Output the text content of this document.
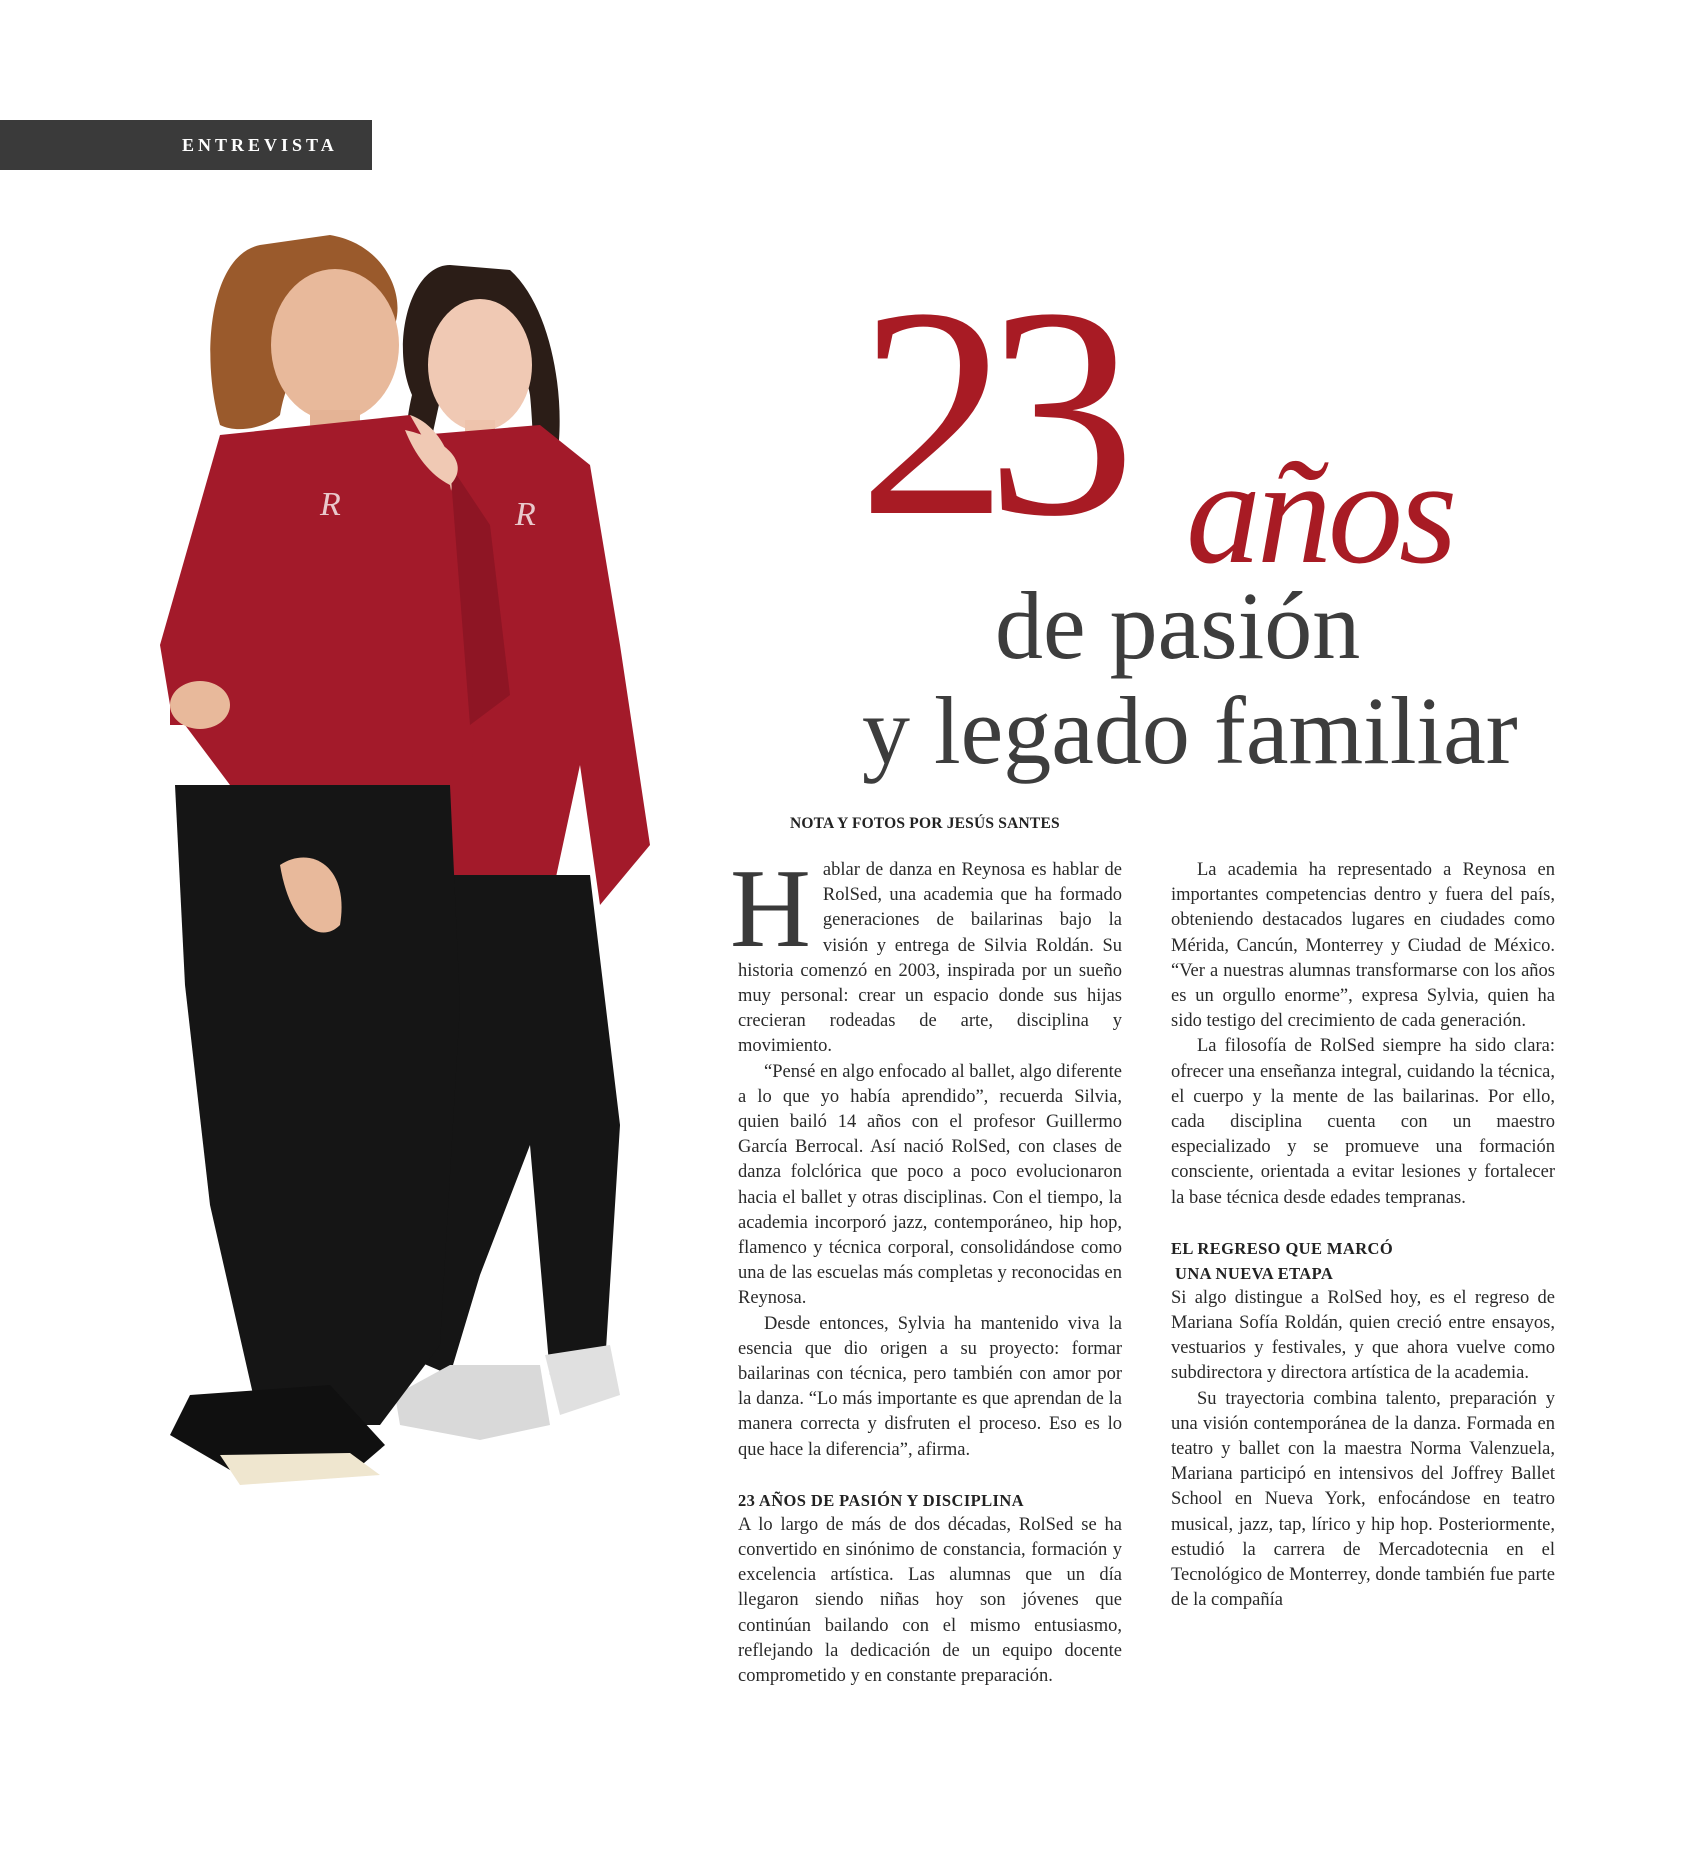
ENTREVISTA
R
R 23 años
de pasión
y legado familiar
NOTA Y FOTOS POR JESÚS SANTES

Hablar de danza en Reynosa es hablar de RolSed, una academia que ha formado generaciones de bailarinas bajo la visión y entrega de Silvia Roldán. Su historia comenzó en 2003, inspirada por un sueño muy personal: crear un espacio donde sus hijas crecieran rodeadas de arte, disciplina y movimiento.

“Pensé en algo enfocado al ballet, algo diferente a lo que yo había aprendido”, recuerda Silvia, quien bailó 14 años con el profesor Guillermo García Berrocal. Así nació RolSed, con clases de danza folclórica que poco a poco evolucionaron hacia el ballet y otras disciplinas. Con el tiempo, la academia incorporó jazz, contemporáneo, hip hop, flamenco y técnica corporal, consolidándose como una de las escuelas más completas y reconocidas en Reynosa.

Desde entonces, Sylvia ha mantenido viva la esencia que dio origen a su proyecto: formar bailarinas con técnica, pero también con amor por la danza. “Lo más importante es que aprendan de la manera correcta y disfruten el proceso. Eso es lo que hace la diferencia”, afirma.

23 AÑOS DE PASIÓN Y DISCIPLINA

A lo largo de más de dos décadas, RolSed se ha convertido en sinónimo de constancia, formación y excelencia artística. Las alumnas que un día llegaron siendo niñas hoy son jóvenes que continúan bailando con el mismo entusiasmo, reflejando la dedicación de un equipo docente comprometido y en constante preparación.

La academia ha representado a Reynosa en importantes competencias dentro y fuera del país, obteniendo destacados lugares en ciudades como Mérida, Cancún, Monterrey y Ciudad de México. “Ver a nuestras alumnas transformarse con los años es un orgullo enorme”, expresa Sylvia, quien ha sido testigo del crecimiento de cada generación.

La filosofía de RolSed siempre ha sido clara: ofrecer una enseñanza integral, cuidando la técnica, el cuerpo y la mente de las bailarinas. Por ello, cada disciplina cuenta con un maestro especializado y se promueve una formación consciente, orientada a evitar lesiones y fortalecer la base técnica desde edades tempranas.

EL REGRESO QUE MARCÓ

UNA NUEVA ETAPA

Si algo distingue a RolSed hoy, es el regreso de Mariana Sofía Roldán, quien creció entre ensayos, vestuarios y festivales, y que ahora vuelve como subdirectora y directora artística de la academia.

Su trayectoria combina talento, preparación y una visión contemporánea de la danza. Formada en teatro y ballet con la maestra Norma Valenzuela, Mariana participó en intensivos del Joffrey Ballet School en Nueva York, enfocándose en teatro musical, jazz, tap, lírico y hip hop. Posteriormente, estudió la carrera de Mercadotecnia en el Tecnológico de Monterrey, donde también fue parte de la compañía
